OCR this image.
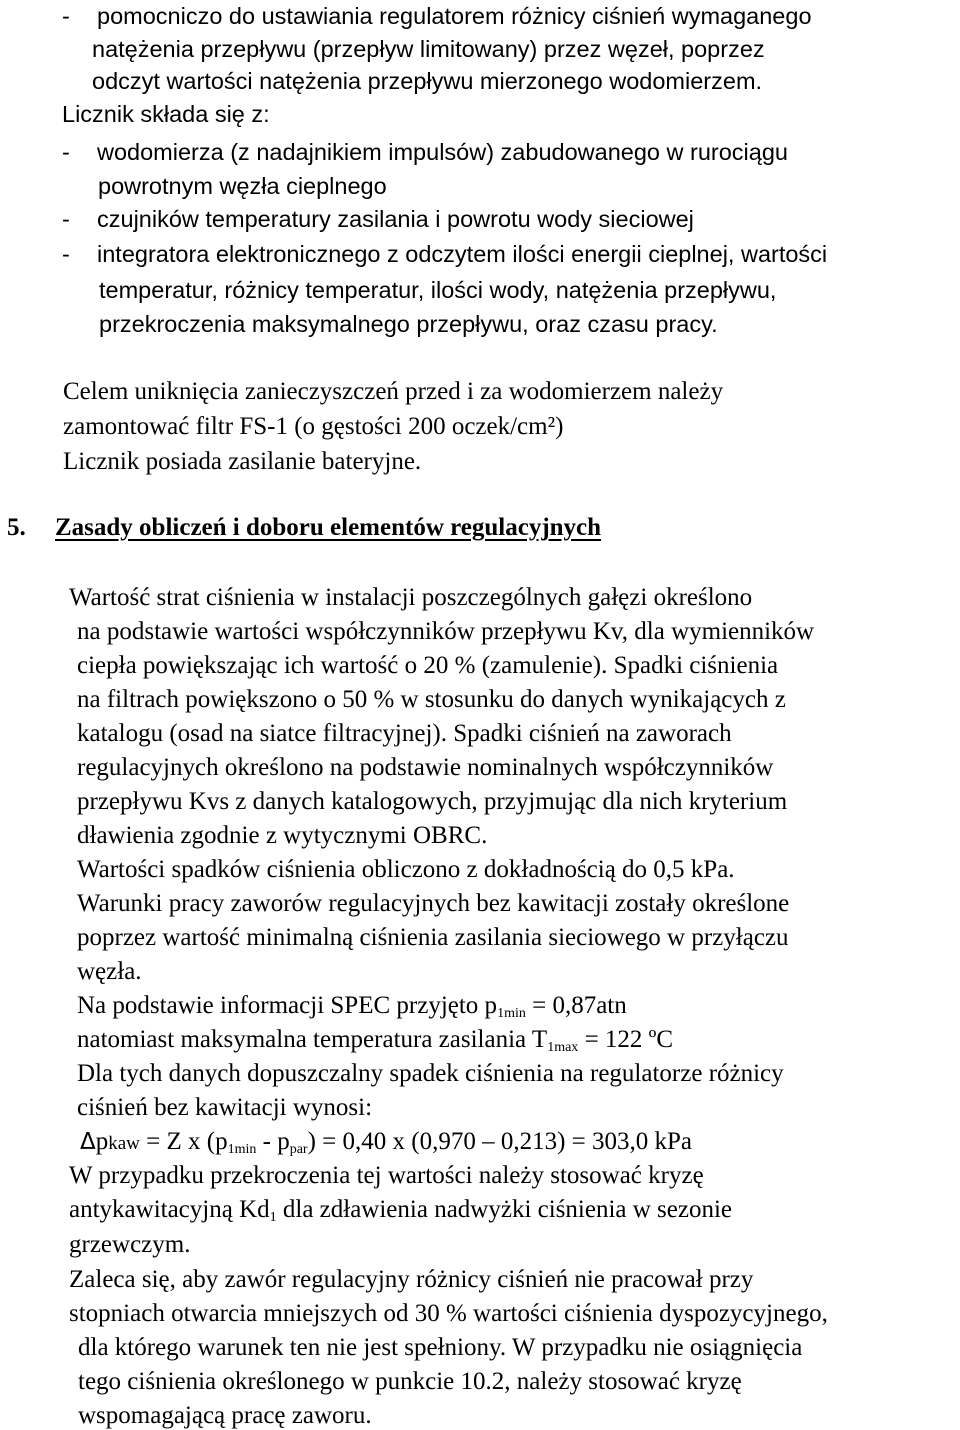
- pomocniczo do ustawiania regulatorem różnicy ciśnień wymaganego
natężenia przepływu (przepływ limitowany) przez węzeł, poprzez
odczyt wartości natężenia przepływu mierzonego wodomierzem.
Licznik składa się z:
- wodomierza (z nadajnikiem impulsów) zabudowanego w rurociągu
powrotnym węzła cieplnego
- czujników temperatury zasilania i powrotu wody sieciowej
- integratora elektronicznego z odczytem ilości energii cieplnej, wartości
temperatur, różnicy temperatur, ilości wody, natężenia przepływu,
przekroczenia maksymalnego przepływu, oraz czasu pracy.
Celem uniknięcia zanieczyszczeń przed i za wodomierzem należy
zamontować filtr FS-1 (o gęstości 200 oczek/cm²)
Licznik posiada zasilanie bateryjne.
5. Zasady obliczeń i doboru elementów regulacyjnych
Wartość strat ciśnienia w instalacji poszczególnych gałęzi określono
na podstawie wartości współczynników przepływu Kv, dla wymienników
ciepła powiększając ich wartość o 20 % (zamulenie). Spadki ciśnienia
na filtrach powiększono o 50 % w stosunku do danych wynikających z
katalogu (osad na siatce filtracyjnej). Spadki ciśnień na zaworach
regulacyjnych określono na podstawie nominalnych współczynników
przepływu Kvs z danych katalogowych, przyjmując dla nich kryterium
dławienia zgodnie z wytycznymi OBRC.
Wartości spadków ciśnienia obliczono z dokładnością do 0,5 kPa.
Warunki pracy zaworów regulacyjnych bez kawitacji zostały określone
poprzez wartość minimalną ciśnienia zasilania sieciowego w przyłączu
węzła.
Na podstawie informacji SPEC przyjęto $p_{1min} = 0,87atn$
natomiast maksymalna temperatura zasilania $T_{1max} = 122$ ºC
Dla tych danych dopuszczalny spadek ciśnienia na regulatorze różnicy
ciśnień bez kawitacji wynosi:
Δpkaw = Z x $(p_{1min} - p_{par}) = 0,40$ x (0,970 – 0,213) = 303,0 kPa
W przypadku przekroczenia tej wartości należy stosować kryzę
antykawitacyjną $Kd_1$ dla zdławienia nadwyżki ciśnienia w sezonie
grzewczym.
Zaleca się, aby zawór regulacyjny różnicy ciśnień nie pracował przy
stopniach otwarcia mniejszych od 30 % wartości ciśnienia dyspozycyjnego,
dla którego warunek ten nie jest spełniony. W przypadku nie osiągnięcia
tego ciśnienia określonego w punkcie 10.2, należy stosować kryzę
wspomagającą pracę zaworu.
